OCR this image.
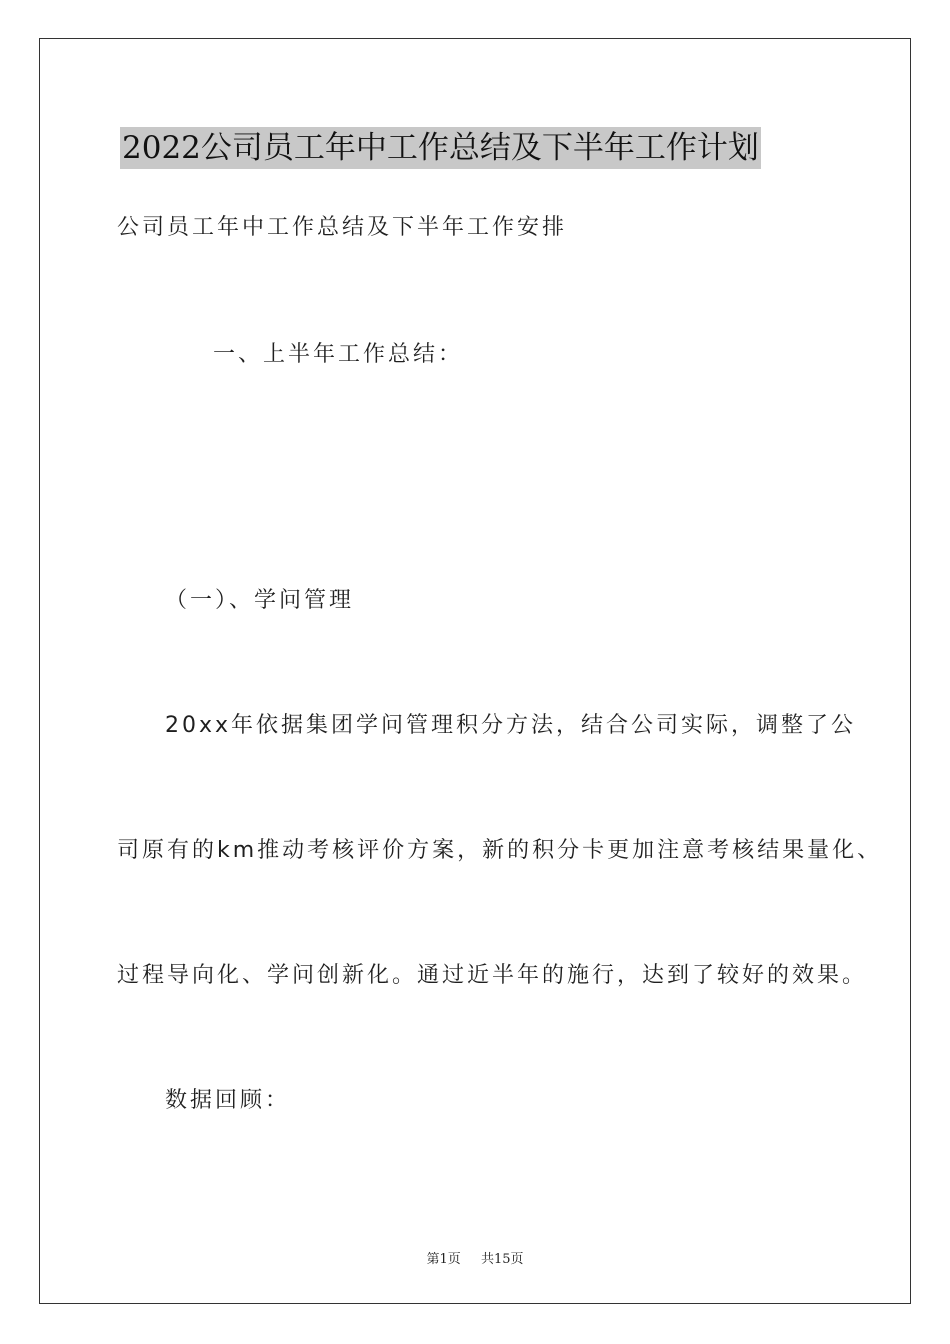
2022公司员工年中工作总结及下半年工作计划
公司员工年中工作总结及下半年工作安排
一、上半年工作总结：
（一）、学问管理
20xx年依据集团学问管理积分方法，结合公司实际，调整了公
司原有的km推动考核评价方案，新的积分卡更加注意考核结果量化、
过程导向化、学问创新化。通过近半年的施行，达到了较好的效果。
数据回顾：
第1页 共15页
